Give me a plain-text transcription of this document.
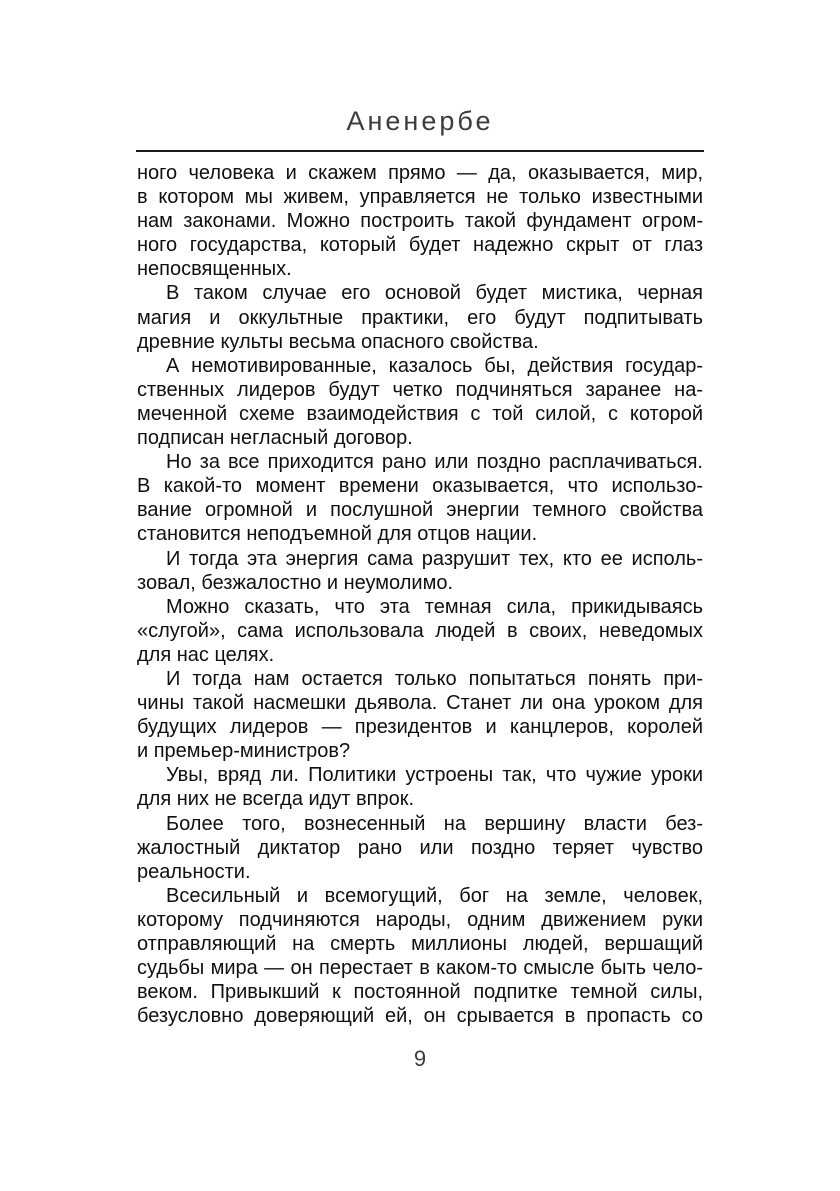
Аненербе
ного человека и скажем прямо — да, оказывается, мир,
в котором мы живем, управляется не только известными
нам законами. Можно построить такой фундамент огром-
ного государства, который будет надежно скрыт от глаз
непосвященных.
В таком случае его основой будет мистика, черная
магия и оккультные практики, его будут подпитывать
древние культы весьма опасного свойства.
А немотивированные, казалось бы, действия государ-
ственных лидеров будут четко подчиняться заранее на-
меченной схеме взаимодействия с той силой, с которой
подписан негласный договор.
Но за все приходится рано или поздно расплачиваться.
В какой-то момент времени оказывается, что использо-
вание огромной и послушной энергии темного свойства
становится неподъемной для отцов нации.
И тогда эта энергия сама разрушит тех, кто ее исполь-
зовал, безжалостно и неумолимо.
Можно сказать, что эта темная сила, прикидываясь
«слугой», сама использовала людей в своих, неведомых
для нас целях.
И тогда нам остается только попытаться понять при-
чины такой насмешки дьявола. Станет ли она уроком для
будущих лидеров — президентов и канцлеров, королей
и премьер-министров?
Увы, вряд ли. Политики устроены так, что чужие уроки
для них не всегда идут впрок.
Более того, вознесенный на вершину власти без-
жалостный диктатор рано или поздно теряет чувство
реальности.
Всесильный и всемогущий, бог на земле, человек,
которому подчиняются народы, одним движением руки
отправляющий на смерть миллионы людей, вершащий
судьбы мира — он перестает в каком-то смысле быть чело-
веком. Привыкший к постоянной подпитке темной силы,
безусловно доверяющий ей, он срывается в пропасть со
9
